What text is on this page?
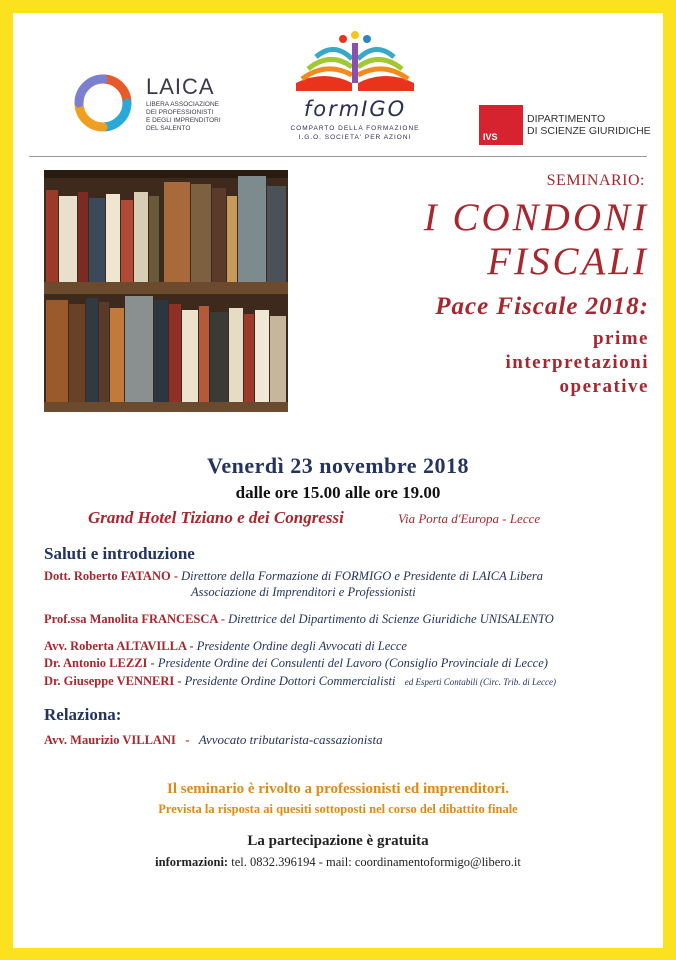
LAICA
LIBERA ASSOCIAZIONE
DEI PROFESSIONISTI
E DEGLI IMPRENDITORI
DEL SALENTO
formIGO
COMPARTO DELLA FORMAZIONE
I.G.O. SOCIETA' PER AZIONI	IVS
DIPARTIMENTO
DI SCIENZE GIURIDICHE
SEMINARIO:
I CONDONI
FISCALI
Pace Fiscale 2018:
prime
interpretazioni
operative
Venerdì 23 novembre 2018
dalle ore 15.00 alle ore 19.00
Grand Hotel Tiziano e dei Congressi	Via Porta d'Europa - Lecce
Saluti e introduzione
Dott. Roberto FATANO - Direttore della Formazione di FORMIGO e Presidente di LAICA Libera
Associazione di Imprenditori e Professionisti
Prof.ssa Manolita FRANCESCA - Direttrice del Dipartimento di Scienze Giuridiche UNISALENTO
Avv. Roberta ALTAVILLA - Presidente Ordine degli Avvocati di Lecce
Dr. Antonio LEZZI - Presidente Ordine dei Consulenti del Lavoro (Consiglio Provinciale di Lecce)
Dr. Giuseppe VENNERI - Presidente Ordine Dottori Commercialisti ed Esperti Contabili (Circ. Trib. di Lecce)
Relaziona:
Avv. Maurizio VILLANI   -   Avvocato tributarista-cassazionista
Il seminario è rivolto a professionisti ed imprenditori.
Prevista la risposta ai quesiti sottoposti nel corso del dibattito finale
La partecipazione è gratuita
informazioni: tel. 0832.396194 - mail: coordinamentoformigo@libero.it
